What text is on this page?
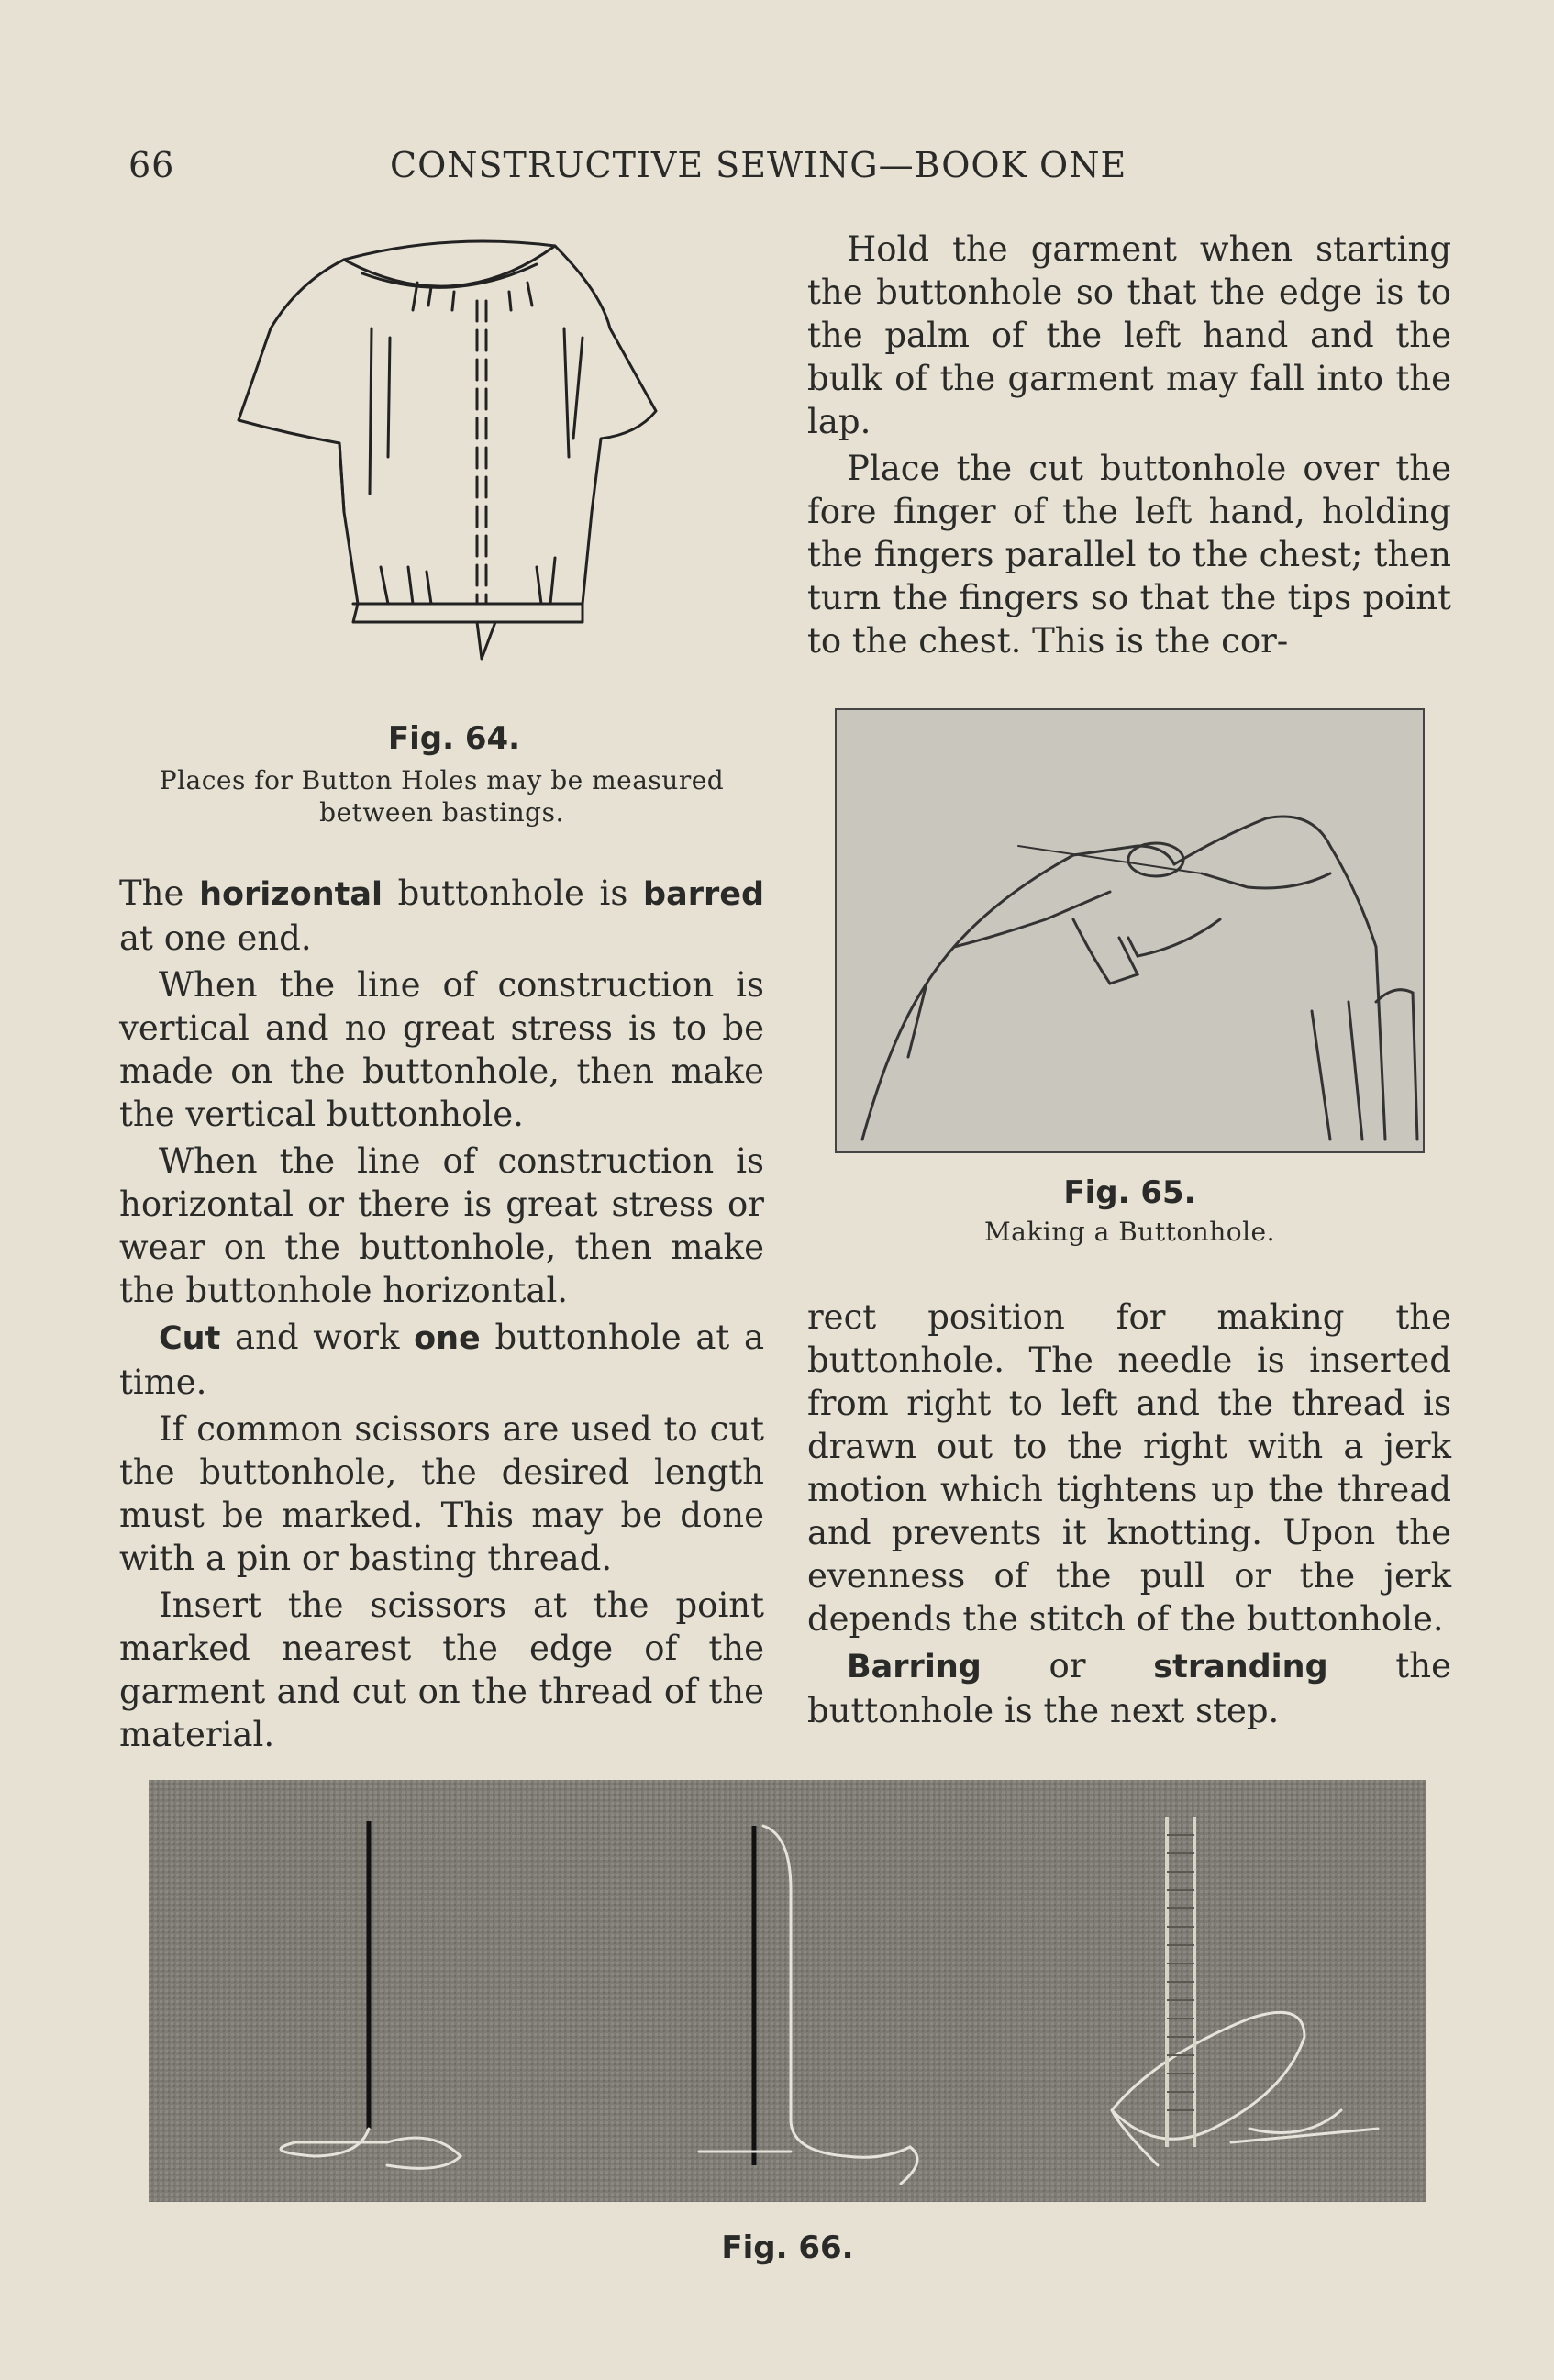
66	CONSTRUCTIVE SEWING—BOOK ONE
Fig. 64.
Places for Button Holes may be measured between bastings.

The horizontal buttonhole is barred at one end.

When the line of construction is vertical and no great stress is to be made on the buttonhole, then make the vertical buttonhole.

When the line of construction is horizontal or there is great stress or wear on the buttonhole, then make the buttonhole horizontal.

Cut and work one buttonhole at a time.

If common scissors are used to cut the buttonhole, the desired length must be marked. This may be done with a pin or basting thread.

Insert the scissors at the point marked nearest the edge of the garment and cut on the thread of the material.

Hold the garment when starting the buttonhole so that the edge is to the palm of the left hand and the bulk of the garment may fall into the lap.

Place the cut buttonhole over the fore finger of the left hand, holding the fingers parallel to the chest; then turn the fingers so that the tips point to the chest. This is the cor-

Fig. 65.
Making a Buttonhole.

rect position for making the buttonhole. The needle is inserted from right to left and the thread is drawn out to the right with a jerk motion which tightens up the thread and prevents it knotting. Upon the evenness of the pull or the jerk depends the stitch of the buttonhole.

Barring or stranding the buttonhole is the next step.

Fig. 66.
